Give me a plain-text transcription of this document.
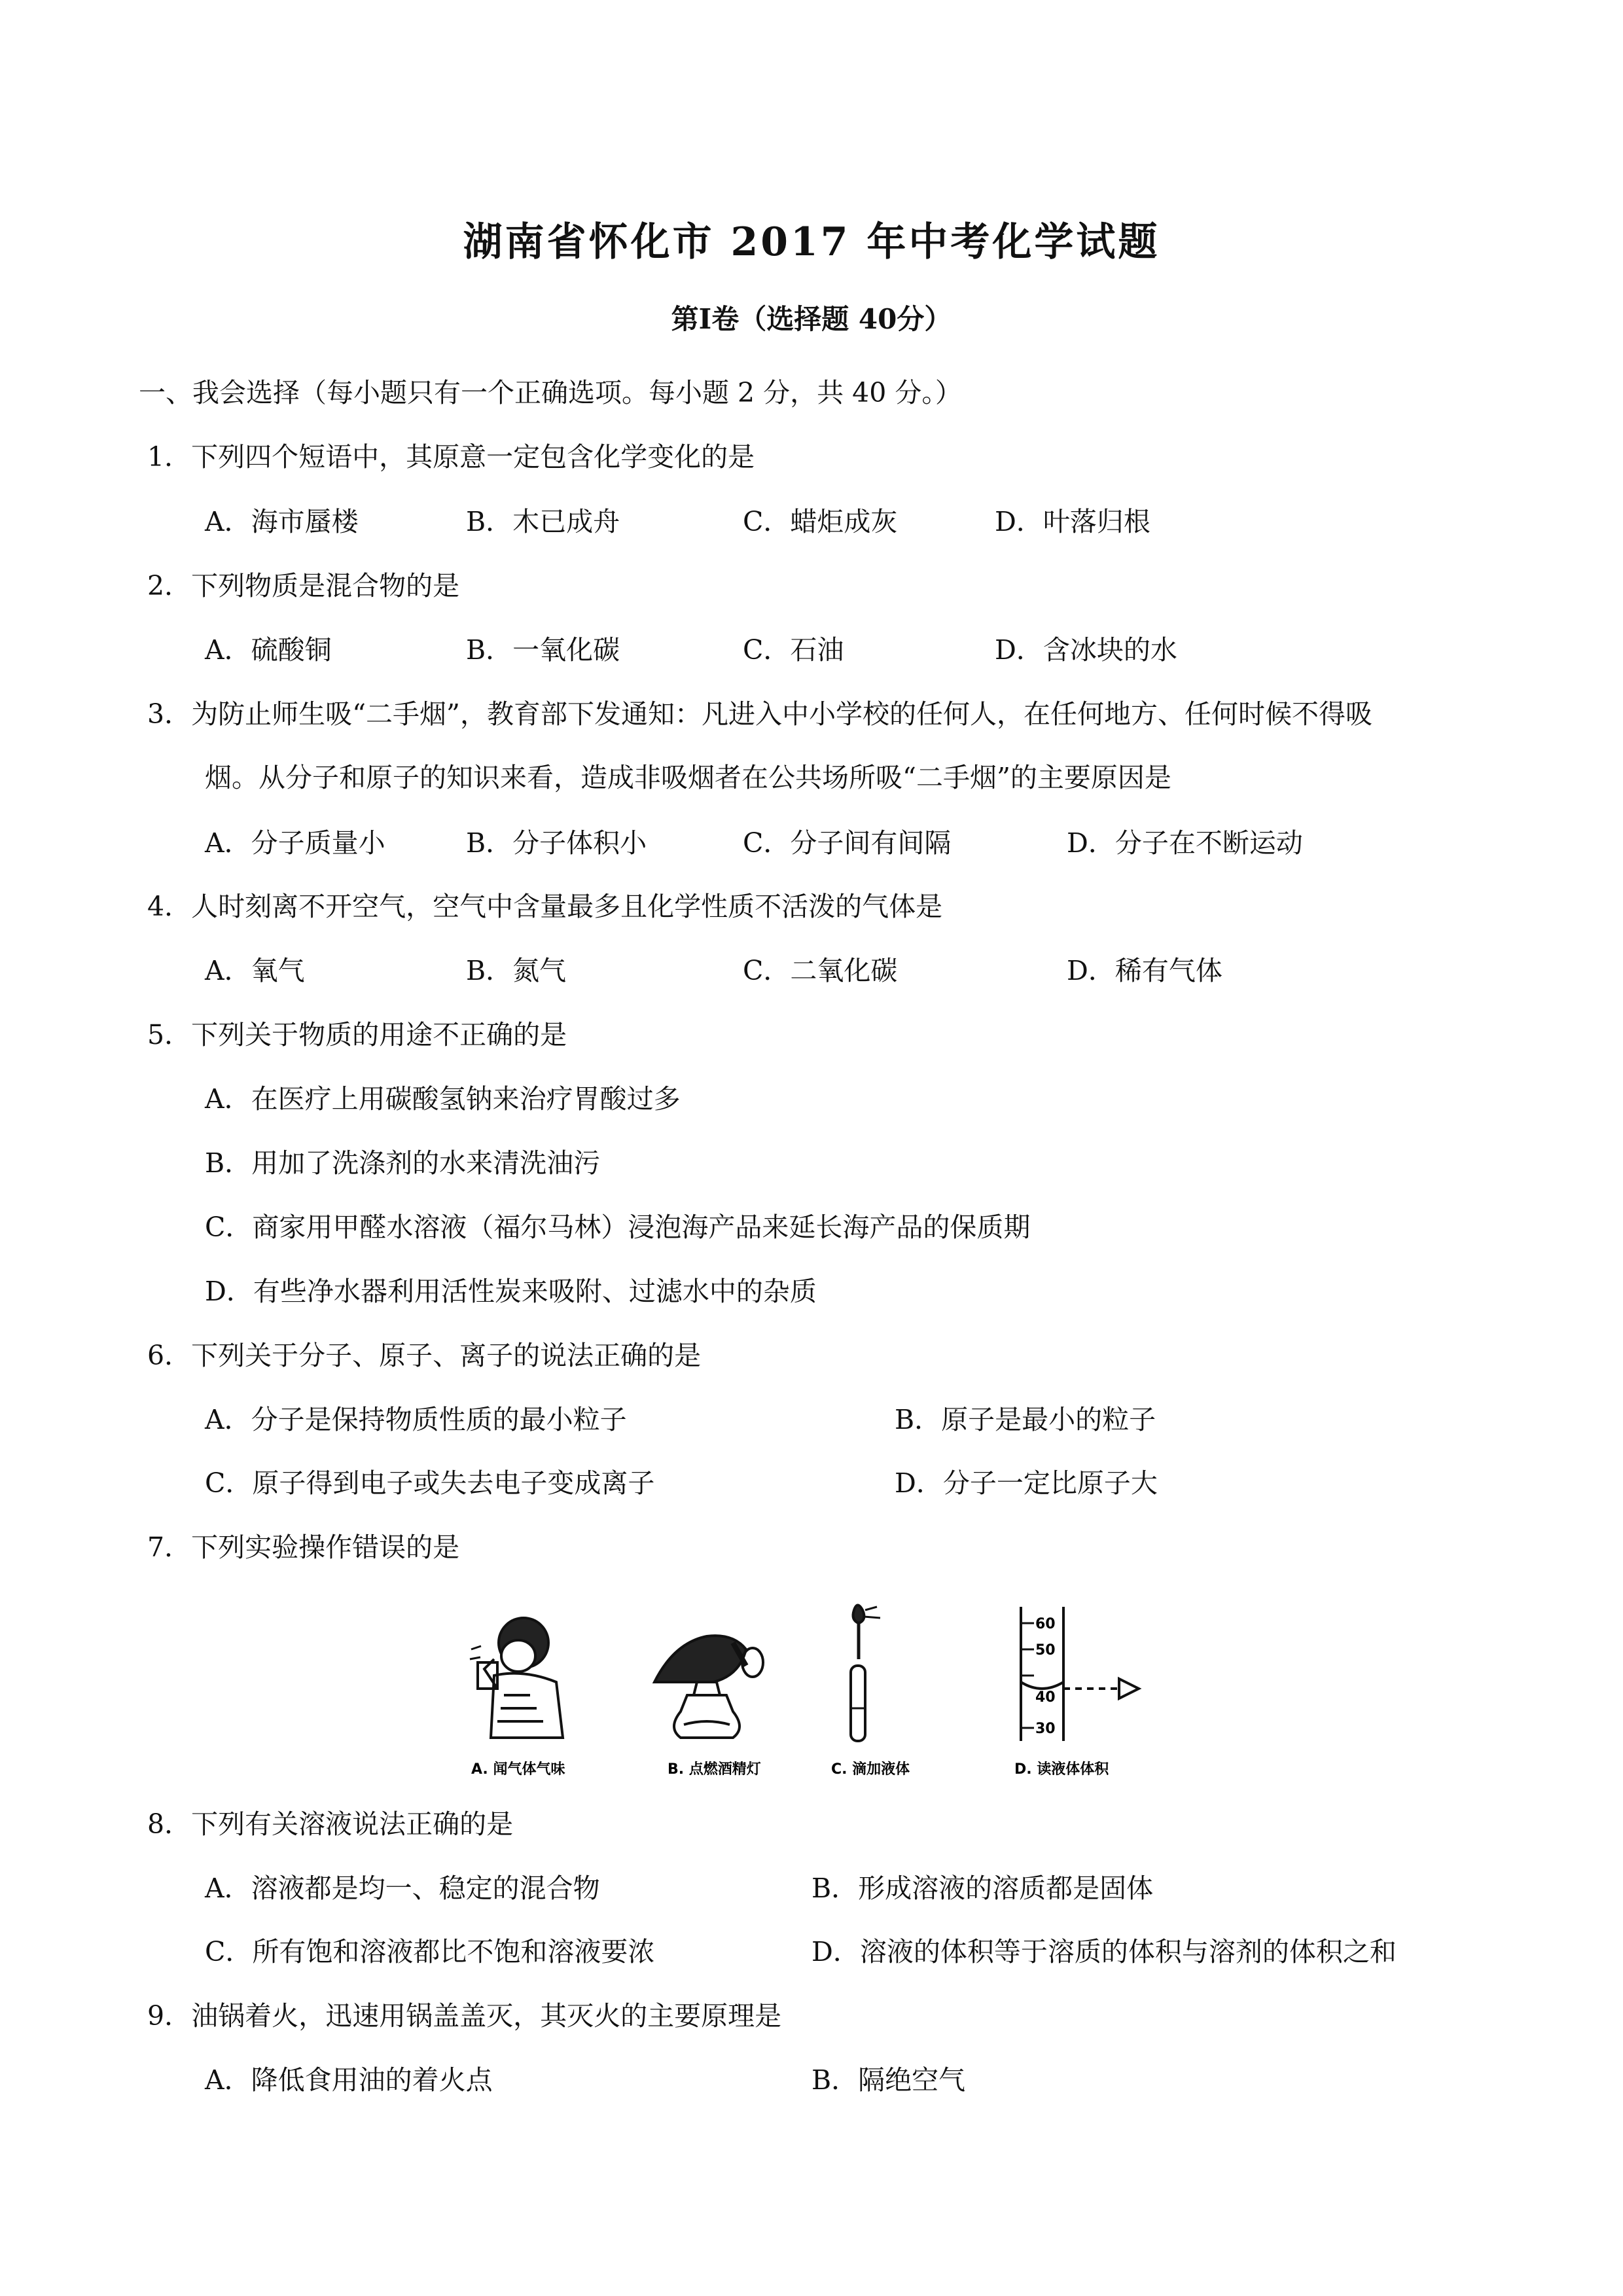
湖南省怀化市 2017 年中考化学试题
第Ⅰ卷（选择题 40分）
一、我会选择（每小题只有一个正确选项。每小题 2 分，共 40 分。）
1．下列四个短语中，其原意一定包含化学变化的是
A．海市蜃楼	B．木已成舟	C．蜡炬成灰	D．叶落归根
2．下列物质是混合物的是
A．硫酸铜	B．一氧化碳	C．石油	D．含冰块的水
3．为防止师生吸“二手烟”，教育部下发通知：凡进入中小学校的任何人，在任何地方、任何时候不得吸
烟。从分子和原子的知识来看，造成非吸烟者在公共场所吸“二手烟”的主要原因是
A．分子质量小	B．分子体积小	C．分子间有间隔	D．分子在不断运动
4．人时刻离不开空气，空气中含量最多且化学性质不活泼的气体是
A．氧气	B．氮气	C．二氧化碳	D．稀有气体
5．下列关于物质的用途不正确的是
A．在医疗上用碳酸氢钠来治疗胃酸过多
B．用加了洗涤剂的水来清洗油污
C．商家用甲醛水溶液（福尔马林）浸泡海产品来延长海产品的保质期
D．有些净水器利用活性炭来吸附、过滤水中的杂质
6．下列关于分子、原子、离子的说法正确的是
A．分子是保持物质性质的最小粒子	B．原子是最小的粒子
C．原子得到电子或失去电子变成离子	D．分子一定比原子大
7．下列实验操作错误的是
60
50
40
30
A. 闻气体气味	B. 点燃酒精灯	C. 滴加液体	D. 读液体体积
8．下列有关溶液说法正确的是
A．溶液都是均一、稳定的混合物	B．形成溶液的溶质都是固体
C．所有饱和溶液都比不饱和溶液要浓	D．溶液的体积等于溶质的体积与溶剂的体积之和
9．油锅着火，迅速用锅盖盖灭，其灭火的主要原理是
A．降低食用油的着火点	B．隔绝空气
